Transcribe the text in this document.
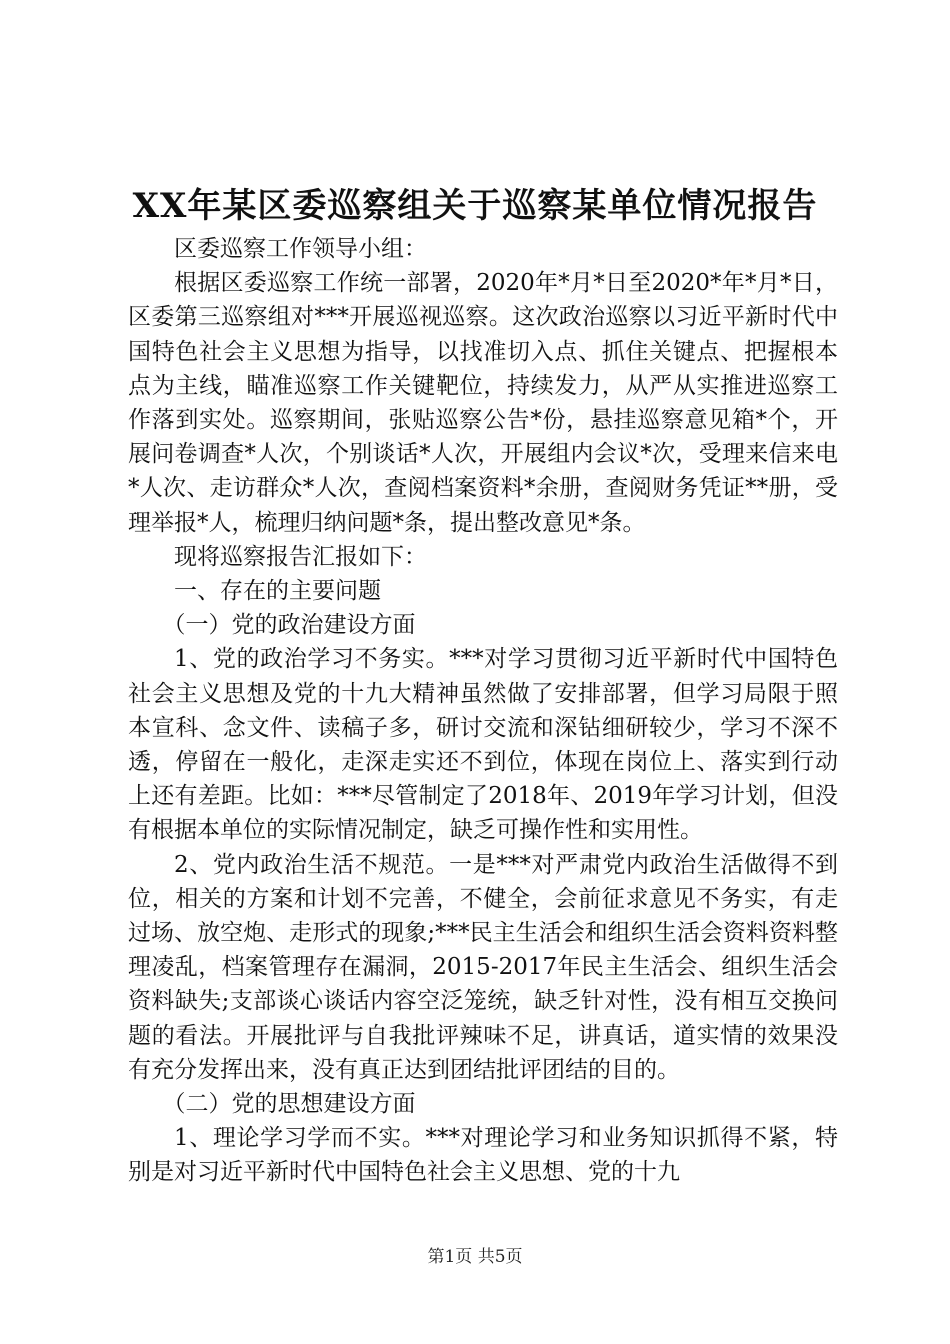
XX年某区委巡察组关于巡察某单位情况报告

区委巡察工作领导小组：

根据区委巡察工作统一部署，2020年*月*日至2020*年*月*日，区委第三巡察组对***开展巡视巡察。这次政治巡察以习近平新时代中国特色社会主义思想为指导，以找准切入点、抓住关键点、把握根本点为主线，瞄准巡察工作关键靶位，持续发力，从严从实推进巡察工作落到实处。巡察期间，张贴巡察公告*份，悬挂巡察意见箱*个，开展问卷调查*人次，个别谈话*人次，开展组内会议*次，受理来信来电*人次、走访群众*人次，查阅档案资料*余册，查阅财务凭证**册，受理举报*人，梳理归纳问题*条，提出整改意见*条。

现将巡察报告汇报如下：

一、存在的主要问题

（一）党的政治建设方面

1、党的政治学习不务实。***对学习贯彻习近平新时代中国特色社会主义思想及党的十九大精神虽然做了安排部署，但学习局限于照本宣科、念文件、读稿子多，研讨交流和深钻细研较少，学习不深不透，停留在一般化，走深走实还不到位，体现在岗位上、落实到行动上还有差距。比如：***尽管制定了2018年、2019年学习计划，但没有根据本单位的实际情况制定，缺乏可操作性和实用性。

2、党内政治生活不规范。一是***对严肃党内政治生活做得不到位，相关的方案和计划不完善，不健全，会前征求意见不务实，有走过场、放空炮、走形式的现象;***民主生活会和组织生活会资料资料整理凌乱，档案管理存在漏洞，2015-2017年民主生活会、组织生活会资料缺失;支部谈心谈话内容空泛笼统，缺乏针对性，没有相互交换问题的看法。开展批评与自我批评辣味不足，讲真话，道实情的效果没有充分发挥出来，没有真正达到团结批评团结的目的。

（二）党的思想建设方面

1、理论学习学而不实。***对理论学习和业务知识抓得不紧，特别是对习近平新时代中国特色社会主义思想、党的十九

第1页 共5页
